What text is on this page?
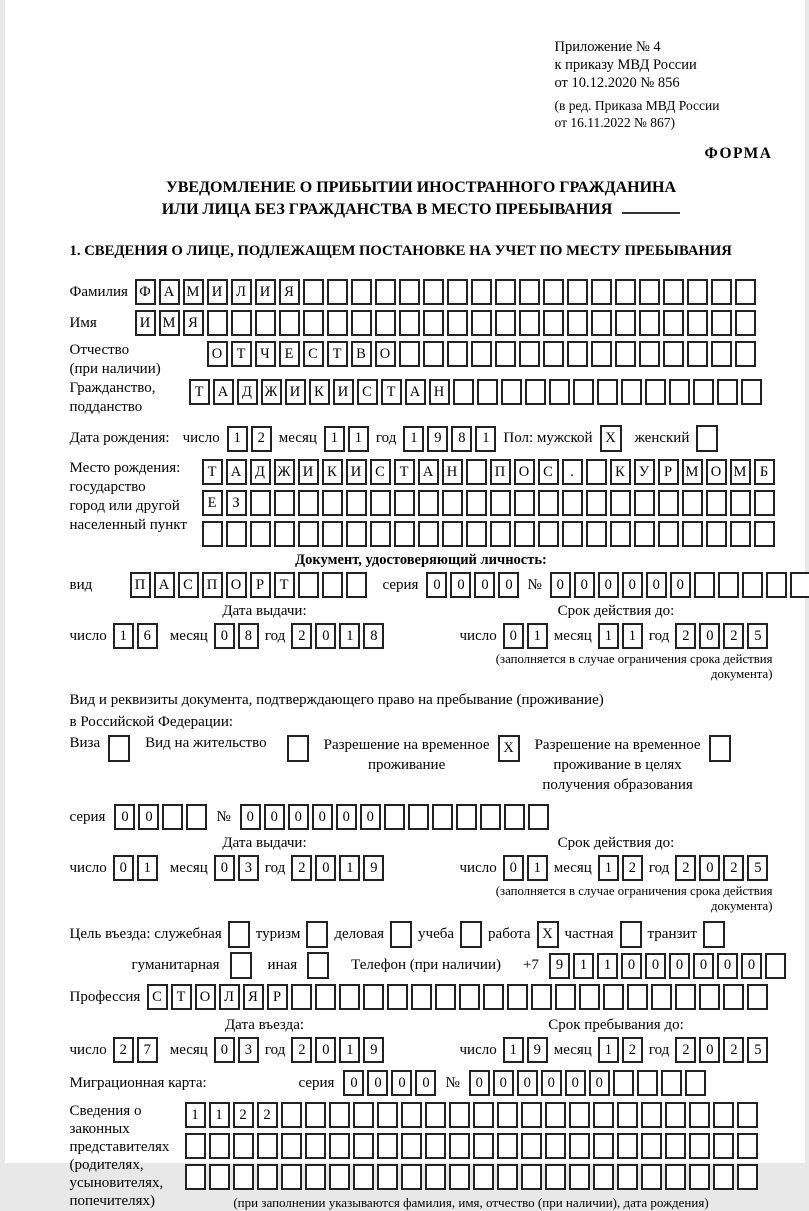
Приложение № 4
к приказу МВД России
от 10.12.2020 № 856
(в ред. Приказа МВД России
от 16.11.2022 № 867)
ФОРМА
УВЕДОМЛЕНИЕ О ПРИБЫТИИ ИНОСТРАННОГО ГРАЖДАНИНА
ИЛИ ЛИЦА БЕЗ ГРАЖДАНСТВА В МЕСТО ПРЕБЫВАНИЯ
1. СВЕДЕНИЯ О ЛИЦЕ, ПОДЛЕЖАЩЕМ ПОСТАНОВКЕ НА УЧЕТ ПО МЕСТУ ПРЕБЫВАНИЯ
Фамилия Ф А М И Л И Я
Имя	И М Я
Отчество
(при наличии)
О Т	Ч	Е	С	Т	В О
Гражданство,
подданство
Т А Д Ж И К И С	Т А Н
Дата рождения: число 1	2 месяц 1	1 год 1	9	8	1 Пол: мужской X	женский
Место рождения:
государство
город или другой
населенный пункт
Т А Д Ж И К И С	Т А Н	П О С	.	К У	Р М О М Б
Е	З
Документ, удостоверяющий личность:
вид	П А С П О	Р	Т	серия	0	0	0	0 №	0	0	0	0	0	0
Дата выдачи:
число 1	6	месяц 0	8 год 2	0	1	8
Срок действия до:
число 0	1 месяц 1	1 год 2	0	2	5
(заполняется в случае ограничения срока действия документа)
Вид и реквизиты документа, подтверждающего право на пребывание (проживание)
в Российской Федерации:
Виза	Вид на жительство	Разрешение на временное
проживание
X	Разрешение на временное
проживание в целях
получения образования
серия	0	0	№	0	0	0	0	0	0
Дата выдачи:
число 0	1	месяц 0	3 год 2	0	1	9
Срок действия до:
число 0	1 месяц 1	2 год 2	0	2	5
(заполняется в случае ограничения срока действия документа)
Цель въезда: служебная туризм деловая учеба работа X частная транзит
гуманитарная	иная	Телефон (при наличии) +7	9	1	1	0	0	0	0	0	0
Профессия С	Т О Л Я	Р
Дата въезда:
число 2	7	месяц 0	3 год 2	0	1	9
Срок пребывания до:
число 1	9 месяц 1	2 год 2	0	2	5
Миграционная карта:	серия	0	0	0	0	№	0	0	0	0	0	0
Сведения о
законных
представителях
(родителях,
усыновителях,
попечителях)
1	1	2	2
(при заполнении указываются фамилия, имя, отчество (при наличии), дата рождения)
